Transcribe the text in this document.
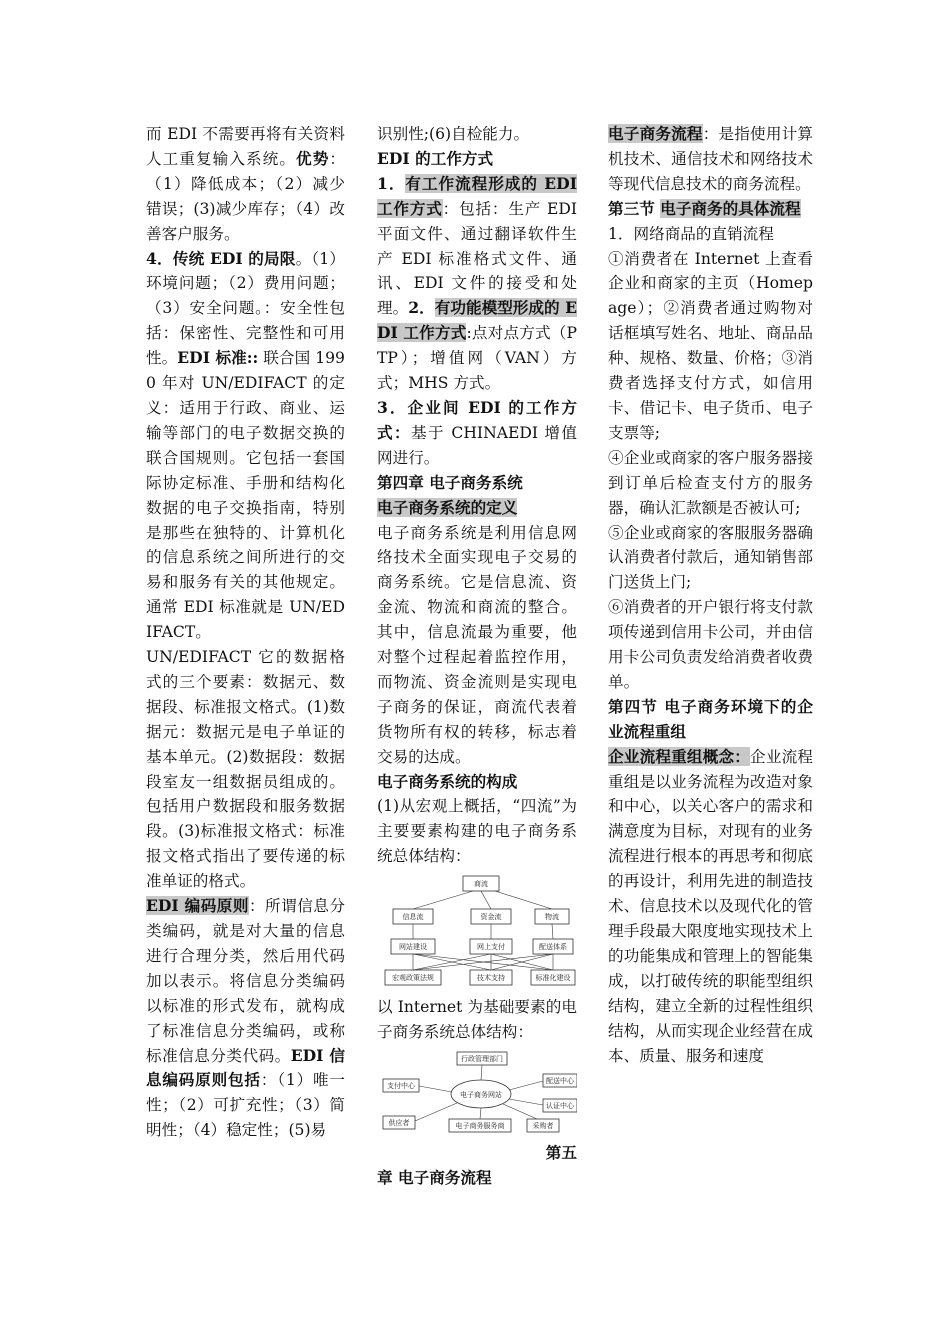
而 EDI 不需要再将有关资料人工重复输入系统。优势：（1）降低成本；（2）减少错误；(3)减少库存；（4）改善客户服务。

4．传统 EDI 的局限。（1）环境问题；（2）费用问题；（3）安全问题。：安全性包括：保密性、完整性和可用性。EDI 标准:: 联合国 1990 年对 UN/EDIFACT 的定义：适用于行政、商业、运输等部门的电子数据交换的联合国规则。它包括一套国际协定标准、手册和结构化数据的电子交换指南，特别是那些在独特的、计算机化的信息系统之间所进行的交易和服务有关的其他规定。通常 EDI 标准就是 UN/EDIFACT。

UN/EDIFACT 它的数据格式的三个要素：数据元、数据段、标准报文格式。(1)数据元：数据元是电子单证的基本单元。(2)数据段：数据段室友一组数据员组成的。包括用户数据段和服务数据段。(3)标准报文格式：标准报文格式指出了要传递的标准单证的格式。

EDI 编码原则：所谓信息分类编码，就是对大量的信息进行合理分类，然后用代码加以表示。将信息分类编码以标准的形式发布，就构成了标准信息分类编码，或称标准信息分类代码。EDI 信息编码原则包括：（1）唯一性；（2）可扩充性；（3）简明性；（4）稳定性；(5)易

识别性;(6)自检能力。

EDI 的工作方式

1．有工作流程形成的 EDI 工作方式：包括：生产 EDI 平面文件、通过翻译软件生产 EDI 标准格式文件、通讯、EDI 文件的接受和处理。2．有功能模型形成的 EDI 工作方式:点对点方式（PTP）；增值网（VAN）方式；MHS 方式。

3．企业间 EDI 的工作方式：基于 CHINAEDI 增值网进行。

第四章 电子商务系统

电子商务系统的定义

电子商务系统是利用信息网络技术全面实现电子交易的商务系统。它是信息流、资金流、物流和商流的整合。 其中，信息流最为重要，他对整个过程起着监控作用，而物流、资金流则是实现电子商务的保证，商流代表着货物所有权的转移，标志着交易的达成。

电子商务系统的构成

(1)从宏观上概括，“四流”为主要要素构建的电子商务系统总体结构：

商流
信息流	资金流	物流
网站建设	网上支付	配送体系
宏观政策法规	技术支持	标准化建设

以 Internet 为基础要素的电子商务系统总体结构：

行政管理部门
电子商务网站
支付中心
配送中心
认证中心
供应者	电子商务服务商	采购者

第五

章 电子商务流程

电子商务流程：是指使用计算机技术、通信技术和网络技术等现代信息技术的商务流程。

第三节 电子商务的具体流程

1．网络商品的直销流程

①消费者在 Internet 上查看企业和商家的主页（Homepage）；②消费者通过购物对话框填写姓名、地址、商品品种、规格、数量、价格；③消费者选择支付方式，如信用卡、借记卡、电子货币、电子支票等;

④企业或商家的客户服务器接到订单后检查支付方的服务器，确认汇款额是否被认可;

⑤企业或商家的客服服务器确认消费者付款后，通知销售部门送货上门;

⑥消费者的开户银行将支付款项传递到信用卡公司，并由信用卡公司负责发给消费者收费单。

第四节 电子商务环境下的企业流程重组

企业流程重组概念：企业流程重组是以业务流程为改造对象和中心，以关心客户的需求和满意度为目标，对现有的业务流程进行根本的再思考和彻底的再设计，利用先进的制造技术、信息技术以及现代化的管理手段最大限度地实现技术上的功能集成和管理上的智能集成，以打破传统的职能型组织结构，建立全新的过程性组织结构，从而实现企业经营在成本、质量、服务和速度
